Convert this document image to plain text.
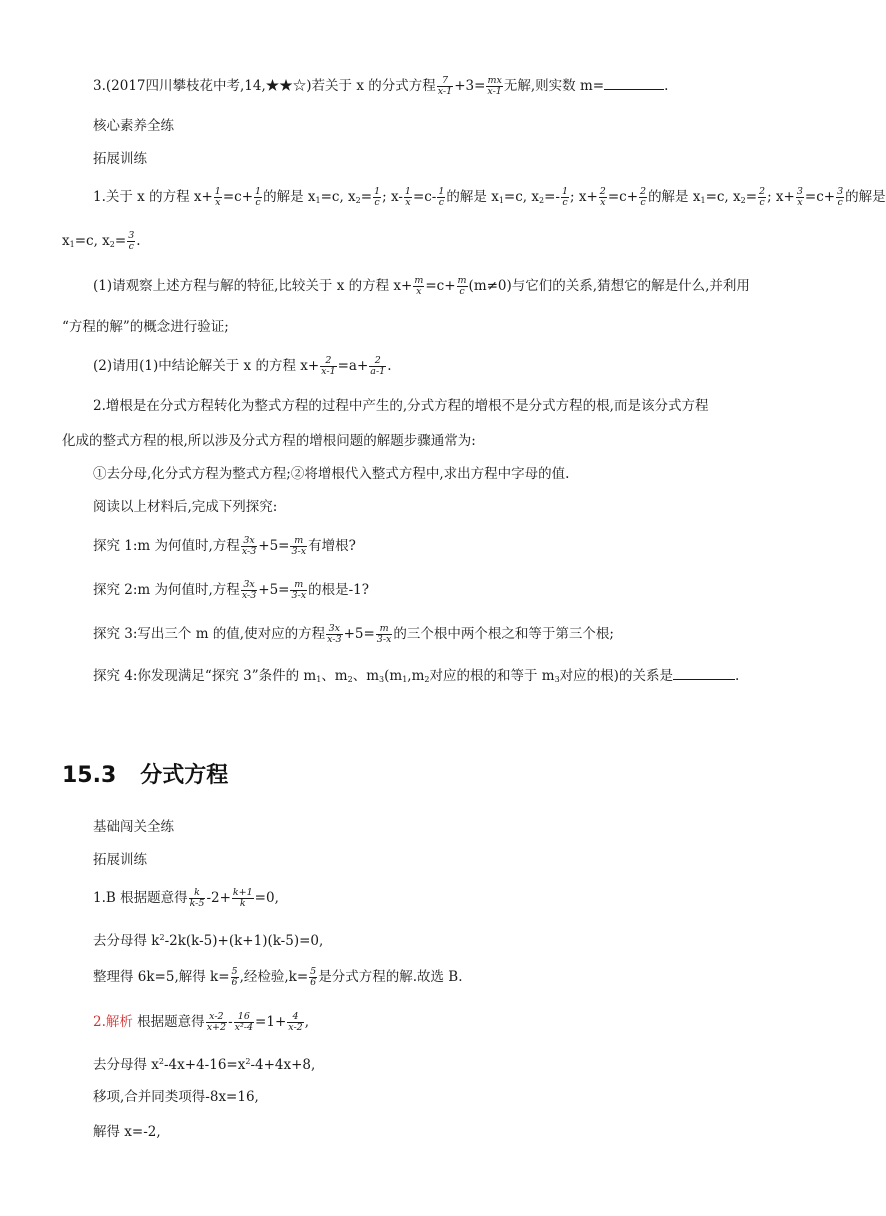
3.(2017四川攀枝花中考,14,★★☆)若关于 x 的分式方程 $\frac{7}{x-1} +3= \frac{mx}{x-1}$ 无解,则实数 m=	.
核心素养全练
拓展训练
1.关于 x 的方程 $x+ \frac{1}{x} =c+ \frac{1}{c}$ 的解是 $x_1=c$, $x_2= \frac{1}{c}$ ; $x- \frac{1}{x} =c- \frac{1}{c}$ 的解是 $x_1=c$, $x_2=- \frac{1}{c}$ ; $x+ \frac{2}{x} =c+ \frac{2}{c}$ 的解是 $x_1=c$, $x_2= \frac{2}{c}$ ; $x+ \frac{3}{x} =c+ \frac{3}{c}$ 的解是
$x_1=c$, $x_2= \frac{3}{c}$ .
(1)请观察上述方程与解的特征,比较关于 x 的方程 $x+ \frac{m}{x} =c+ \frac{m}{c} (m\ne 0)$与它们的关系,猜想它的解是什么,并利用
“方程的解”的概念进行验证;
(2)请用(1)中结论解关于 x 的方程 $x+ \frac{2}{x-1} =a+ \frac{2}{a-1}$ .
2.增根是在分式方程转化为整式方程的过程中产生的,分式方程的增根不是分式方程的根,而是该分式方程
化成的整式方程的根,所以涉及分式方程的增根问题的解题步骤通常为:
①去分母,化分式方程为整式方程;②将增根代入整式方程中,求出方程中字母的值.
阅读以上材料后,完成下列探究:
探究 1:m 为何值时,方程 $\frac{3x}{x-3} +5= \frac{m}{3-x}$ 有增根?
探究 2:m 为何值时,方程 $\frac{3x}{x-3} +5= \frac{m}{3-x}$ 的根是-1?
探究 3:写出三个 m 的值,使对应的方程 $\frac{3x}{x-3} +5= \frac{m}{3-x}$ 的三个根中两个根之和等于第三个根;
探究 4:你发现满足“探究 3”条件的 $m_1$、$m_2$、$m_3(m_1,m_2$对应的根的和等于 $m_3$对应的根)的关系是	.
15.3 分式方程
基础闯关全练
拓展训练
1.B 根据题意得 $\frac{k}{k-5} -2+ \frac{k+1}{k} =0$,
去分母得 $k^2-2k(k-5)+(k+1)(k-5)=0$,
整理得 6k=5,解得 $k= \frac{5}{6}$ ,经检验$,k= \frac{5}{6}$ 是分式方程的解.故选 B.
2.解析 根据题意得 $\frac{x-2}{x+2} - \frac{16}{\text{x²-4}} =1+ \frac{4}{x-2}$ ,
去分母得 $x^2-4x+4-16=x^2-4+4x+8$,
移项,合并同类项得-8x=16,
解得 x=-2,
